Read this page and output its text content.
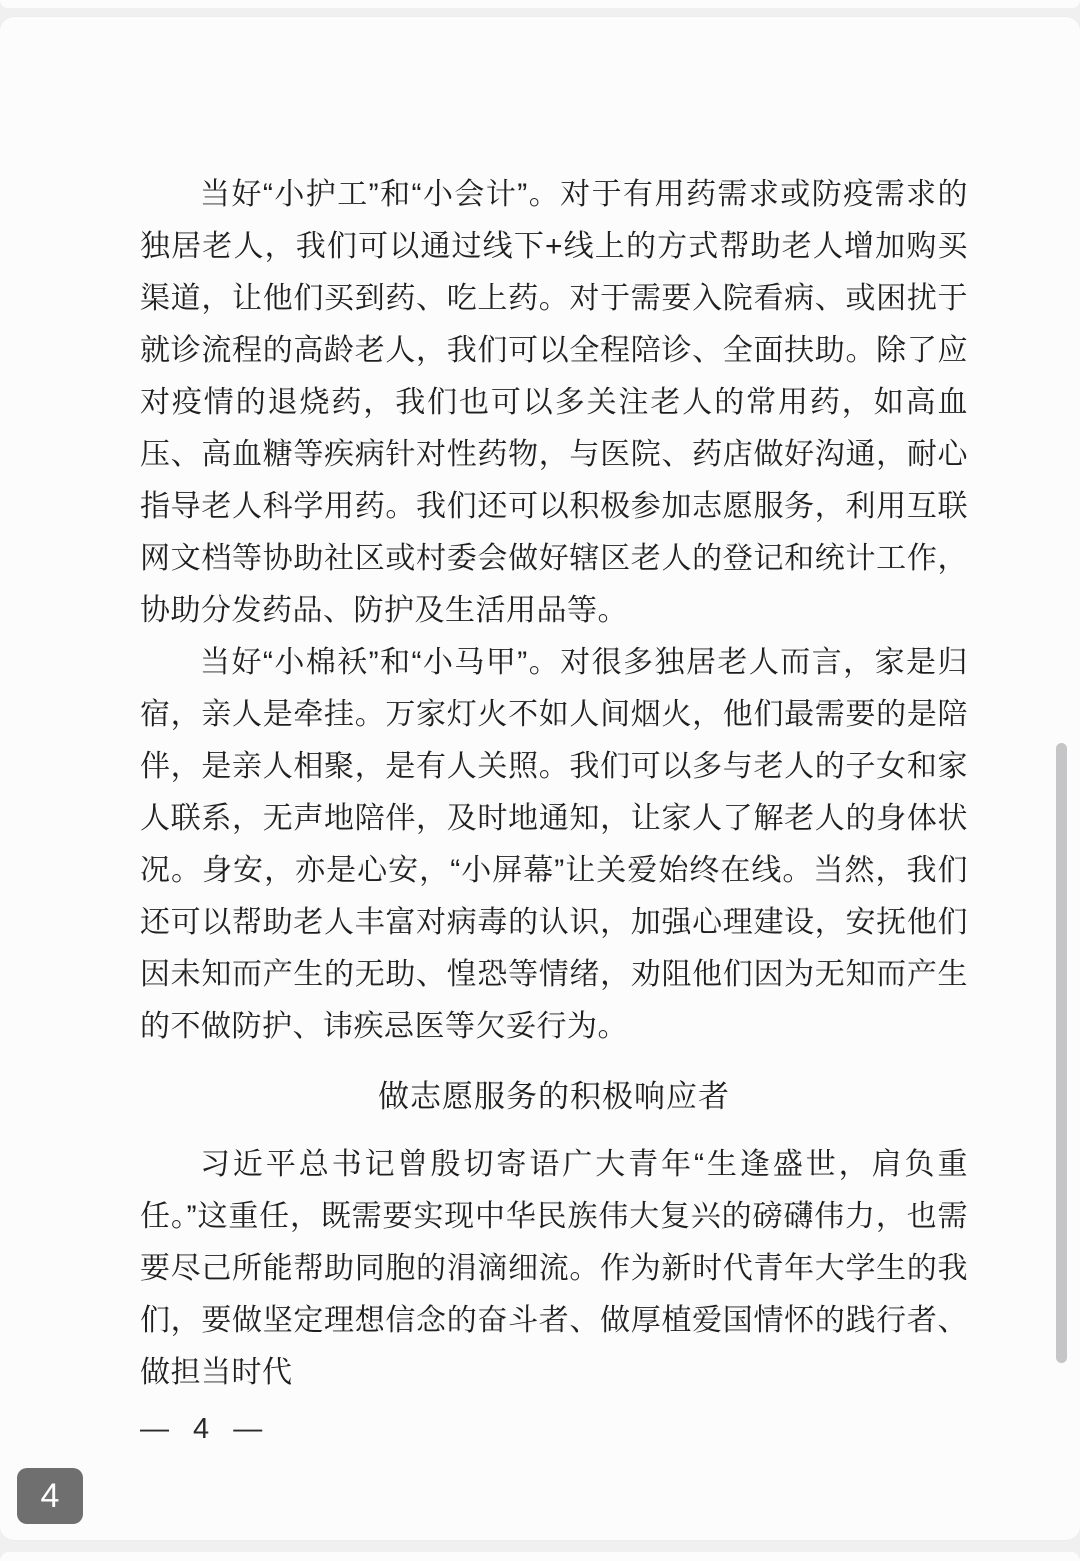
当好“小护工”和“小会计”。对于有用药需求或防疫需求的独居老人，我们可以通过线下+线上的方式帮助老人增加购买渠道，让他们买到药、吃上药。对于需要入院看病、或困扰于就诊流程的高龄老人，我们可以全程陪诊、全面扶助。除了应对疫情的退烧药，我们也可以多关注老人的常用药，如高血压、高血糖等疾病针对性药物，与医院、药店做好沟通，耐心指导老人科学用药。我们还可以积极参加志愿服务，利用互联网文档等协助社区或村委会做好辖区老人的登记和统计工作，协助分发药品、防护及生活用品等。

当好“小棉袄”和“小马甲”。对很多独居老人而言，家是归宿，亲人是牵挂。万家灯火不如人间烟火，他们最需要的是陪伴，是亲人相聚，是有人关照。我们可以多与老人的子女和家人联系，无声地陪伴，及时地通知，让家人了解老人的身体状况。身安，亦是心安，“小屏幕”让关爱始终在线。当然，我们还可以帮助老人丰富对病毒的认识，加强心理建设，安抚他们因未知而产生的无助、惶恐等情绪，劝阻他们因为无知而产生的不做防护、讳疾忌医等欠妥行为。

做志愿服务的积极响应者

习近平总书记曾殷切寄语广大青年“生逢盛世，肩负重任。”这重任，既需要实现中华民族伟大复兴的磅礴伟力，也需要尽己所能帮助同胞的涓滴细流。作为新时代青年大学生的我们，要做坚定理想信念的奋斗者、做厚植爱国情怀的践行者、做担当时代

— 4 —
4
